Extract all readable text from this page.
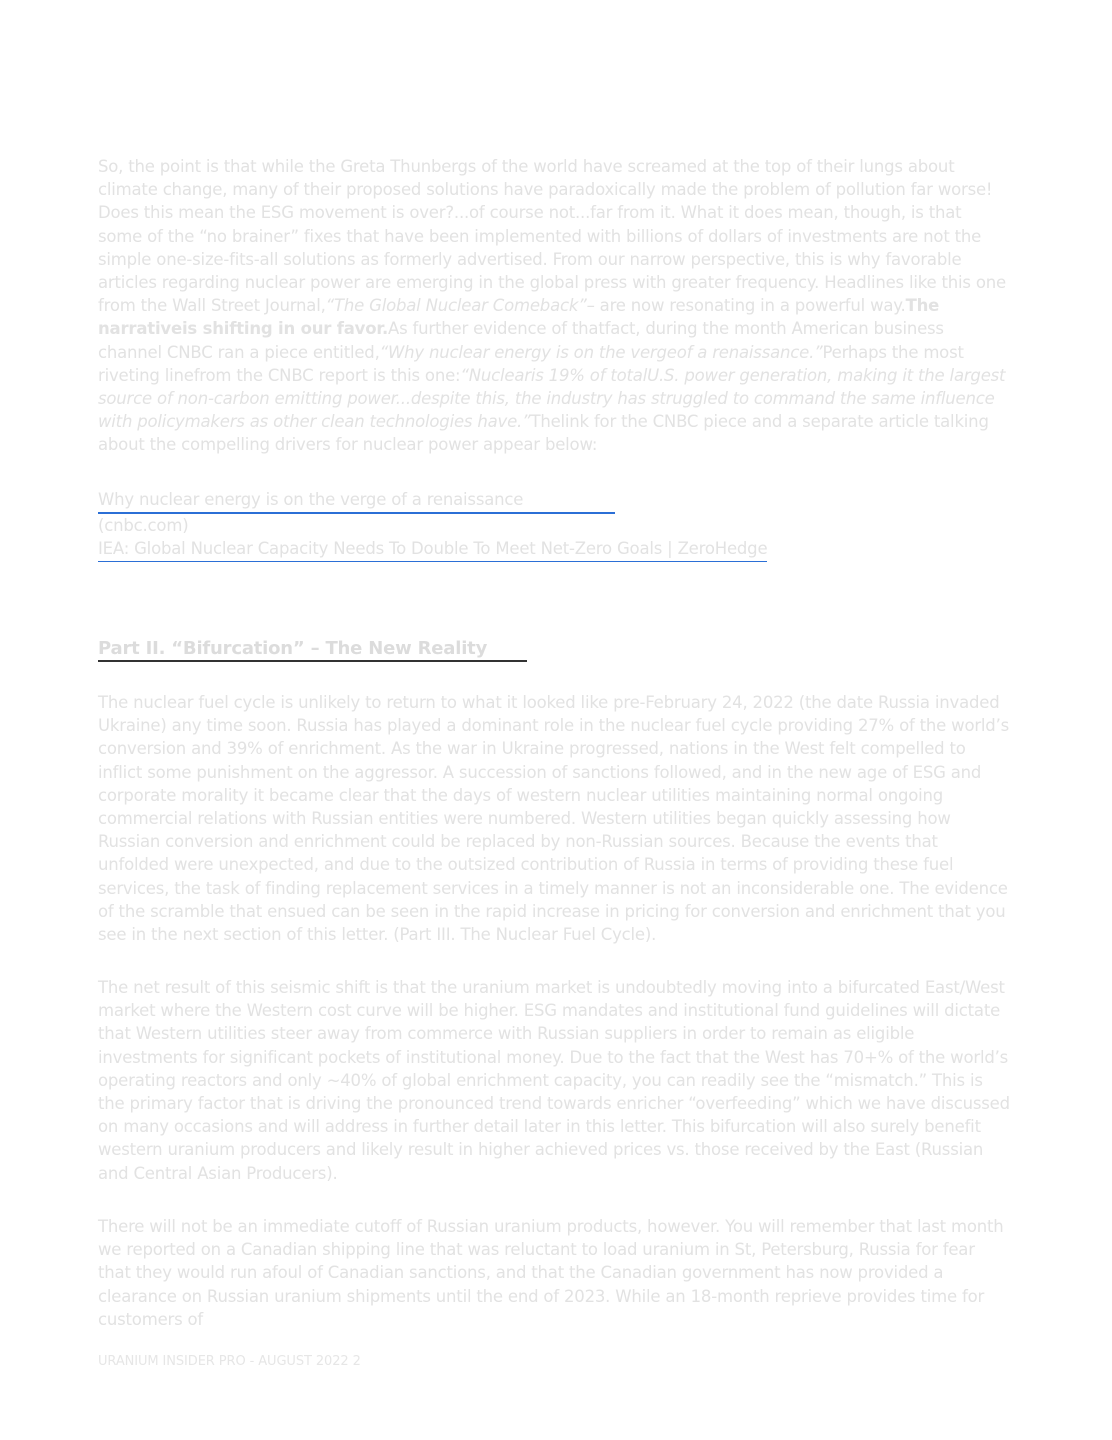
So, the point is that while the Greta Thunbergs of the world have screamed at the top of their lungs about climate change, many of their proposed solutions have paradoxically made the problem of pollution far worse! Does this mean the ESG movement is over?...of course not...far from it. What it does mean, though, is that some of the “no brainer” fixes that have been implemented with billions of dollars of investments are not the simple one-size-fits-all solutions as formerly advertised. From our narrow perspective, this is why favorable articles regarding nuclear power are emerging in the global press with greater frequency. Headlines like this one from the Wall Street Journal,“The Global Nuclear Comeback”– are now resonating in a powerful way.The narrativeis shifting in our favor.As further evidence of thatfact, during the month American business channel CNBC ran a piece entitled,“Why nuclear energy is on the vergeof a renaissance.”Perhaps the most riveting linefrom the CNBC report is this one:“Nuclearis 19% of totalU.S. power generation, making it the largest source of non-carbon emitting power...despite this, the industry has struggled to command the same influence with policymakers as other clean technologies have.”Thelink for the CNBC piece and a separate article talking about the compelling drivers for nuclear power appear below:

Why nuclear energy is on the verge of a renaissance
(cnbc.com)
IEA: Global Nuclear Capacity Needs To Double To Meet Net-Zero Goals | ZeroHedge
Part II. “Bifurcation” – The New Reality

The nuclear fuel cycle is unlikely to return to what it looked like pre-February 24, 2022 (the date Russia invaded Ukraine) any time soon. Russia has played a dominant role in the nuclear fuel cycle providing 27% of the world’s conversion and 39% of enrichment. As the war in Ukraine progressed, nations in the West felt compelled to inflict some punishment on the aggressor. A succession of sanctions followed, and in the new age of ESG and corporate morality it became clear that the days of western nuclear utilities maintaining normal ongoing commercial relations with Russian entities were numbered. Western utilities began quickly assessing how Russian conversion and enrichment could be replaced by non-Russian sources. Because the events that unfolded were unexpected, and due to the outsized contribution of Russia in terms of providing these fuel services, the task of finding replacement services in a timely manner is not an inconsiderable one. The evidence of the scramble that ensued can be seen in the rapid increase in pricing for conversion and enrichment that you see in the next section of this letter. (Part III. The Nuclear Fuel Cycle).

The net result of this seismic shift is that the uranium market is undoubtedly moving into a bifurcated East/West market where the Western cost curve will be higher. ESG mandates and institutional fund guidelines will dictate that Western utilities steer away from commerce with Russian suppliers in order to remain as eligible investments for significant pockets of institutional money. Due to the fact that the West has 70+% of the world’s operating reactors and only ~40% of global enrichment capacity, you can readily see the “mismatch.” This is the primary factor that is driving the pronounced trend towards enricher “overfeeding” which we have discussed on many occasions and will address in further detail later in this letter. This bifurcation will also surely benefit western uranium producers and likely result in higher achieved prices vs. those received by the East (Russian and Central Asian Producers).

There will not be an immediate cutoff of Russian uranium products, however. You will remember that last month we reported on a Canadian shipping line that was reluctant to load uranium in St, Petersburg, Russia for fear that they would run afoul of Canadian sanctions, and that the Canadian government has now provided a clearance on Russian uranium shipments until the end of 2023. While an 18-month reprieve provides time for customers of

URANIUM INSIDER PRO - AUGUST 2022 2
